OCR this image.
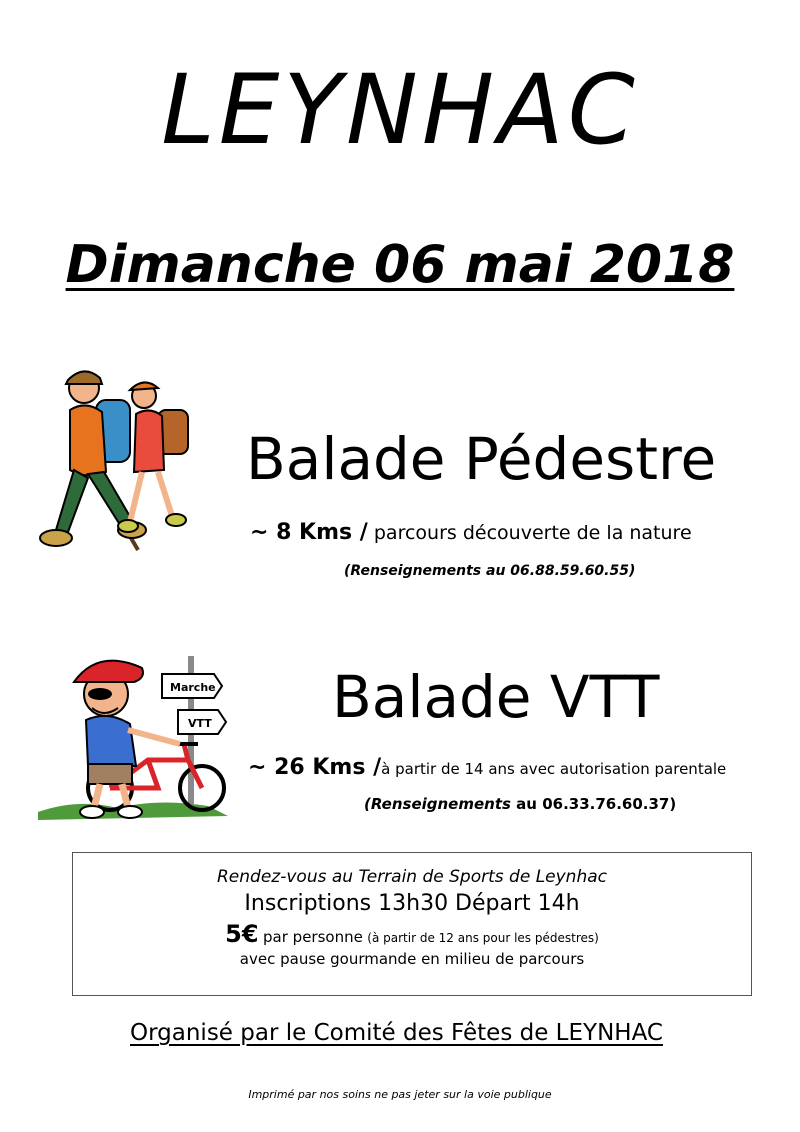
LEYNHAC
Dimanche 06 mai 2018
Marche
VTT
Balade Pédestre
~ 8 Kms / parcours découverte de la nature
(Renseignements au 06.88.59.60.55)
Balade VTT
~ 26 Kms /à partir de 14 ans avec autorisation parentale
(Renseignements au 06.33.76.60.37)
Rendez-vous au Terrain de Sports de Leynhac
Inscriptions 13h30 Départ 14h
5€ par personne (à partir de 12 ans pour les pédestres)
avec pause gourmande en milieu de parcours
Organisé par le Comité des Fêtes de LEYNHAC
Imprimé par nos soins ne pas jeter sur la voie publique
